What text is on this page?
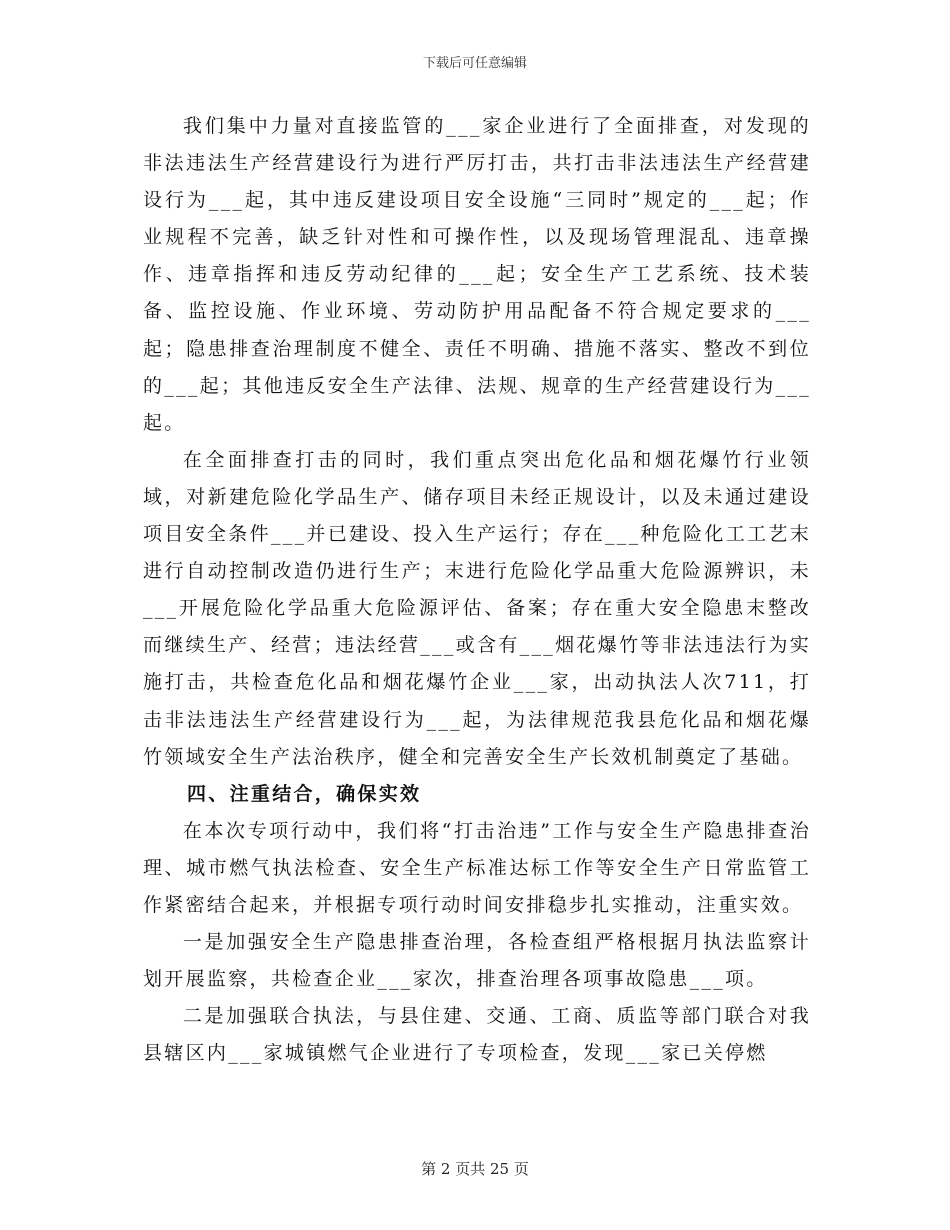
下载后可任意编辑

我们集中力量对直接监管的___家企业进行了全面排查，对发现的非法违法生产经营建设行为进行严厉打击，共打击非法违法生产经营建设行为___起，其中违反建设项目安全设施“三同时”规定的___起；作业规程不完善，缺乏针对性和可操作性，以及现场管理混乱、违章操作、违章指挥和违反劳动纪律的___起；安全生产工艺系统、技术装备、监控设施、作业环境、劳动防护用品配备不符合规定要求的___起；隐患排查治理制度不健全、责任不明确、措施不落实、整改不到位的___起；其他违反安全生产法律、法规、规章的生产经营建设行为___起。

在全面排查打击的同时，我们重点突出危化品和烟花爆竹行业领域，对新建危险化学品生产、储存项目未经正规设计，以及未通过建设项目安全条件___并已建设、投入生产运行；存在___种危险化工工艺末进行自动控制改造仍进行生产；末进行危险化学品重大危险源辨识，未___开展危险化学品重大危险源评估、备案；存在重大安全隐患末整改而继续生产、经营；违法经营___或含有___烟花爆竹等非法违法行为实施打击，共检查危化品和烟花爆竹企业___家，出动执法人次711，打击非法违法生产经营建设行为___起，为法律规范我县危化品和烟花爆竹领域安全生产法治秩序，健全和完善安全生产长效机制奠定了基础。

四、注重结合，确保实效

在本次专项行动中，我们将“打击治违”工作与安全生产隐患排查治理、城市燃气执法检查、安全生产标准达标工作等安全生产日常监管工作紧密结合起来，并根据专项行动时间安排稳步扎实推动，注重实效。

一是加强安全生产隐患排查治理，各检查组严格根据月执法监察计划开展监察，共检查企业___家次，排查治理各项事故隐患___项。

二是加强联合执法，与县住建、交通、工商、质监等部门联合对我县辖区内___家城镇燃气企业进行了专项检查，发现___家已关停燃

第 2 页共 25 页
